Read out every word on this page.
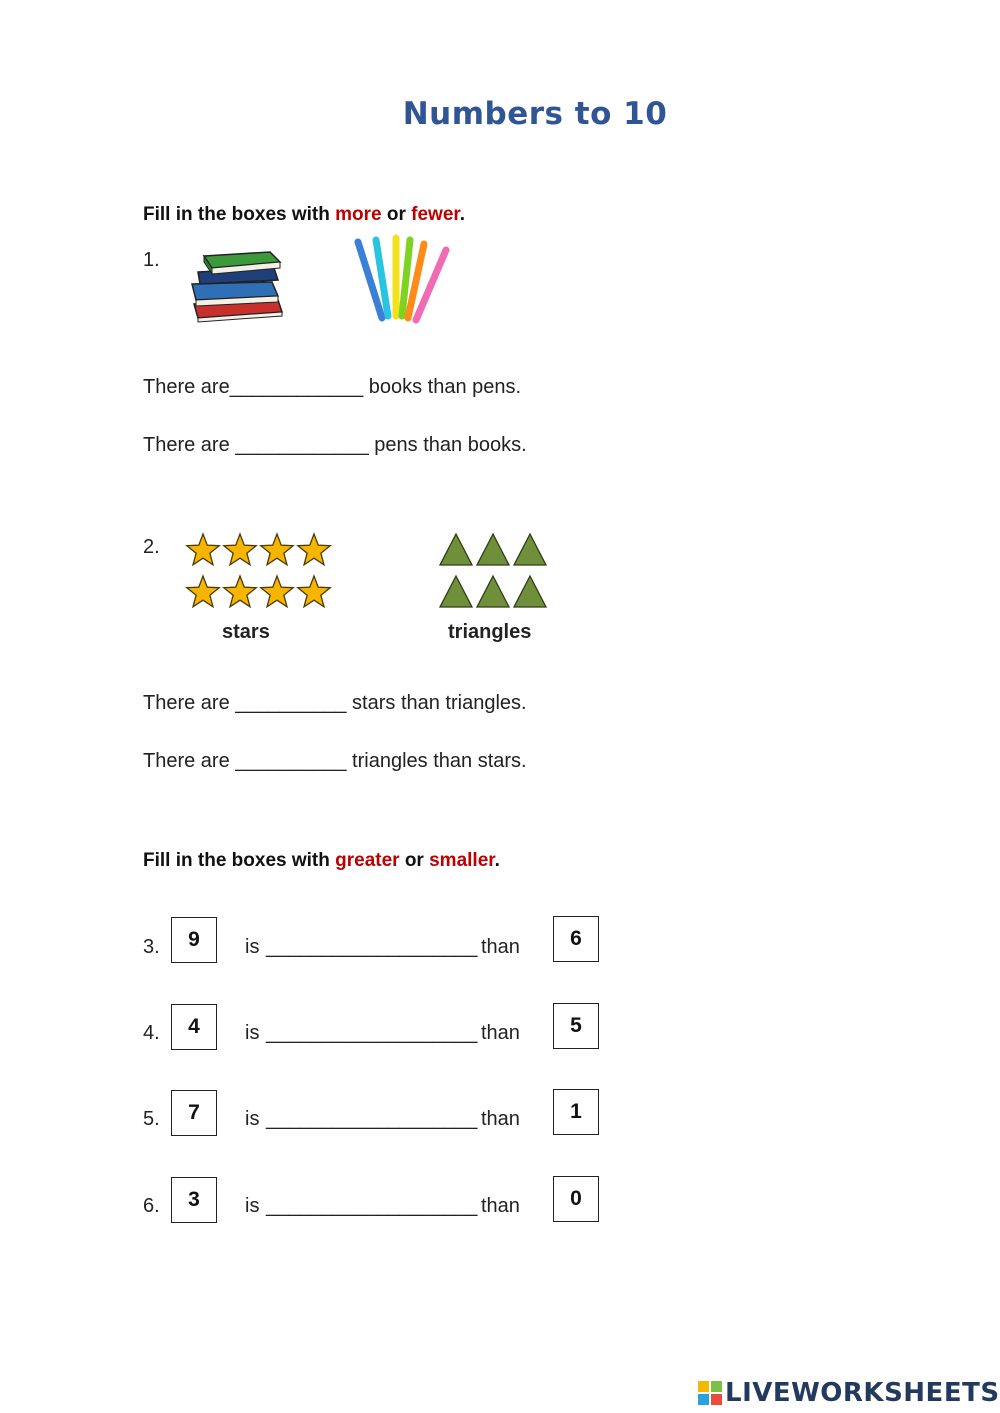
Numbers to 10
Fill in the boxes with more or fewer.
1.
There are____________ books than pens.
There are ____________ pens than books.
2.
stars	triangles
There are __________ stars than triangles.
There are __________ triangles than stars.
Fill in the boxes with greater or smaller.
3.	9	is ___________________ than	6
4.	4	is ___________________ than	5
5.	7	is ___________________ than	1
6.	3	is ___________________ than	0
LIVEWORKSHEETS
